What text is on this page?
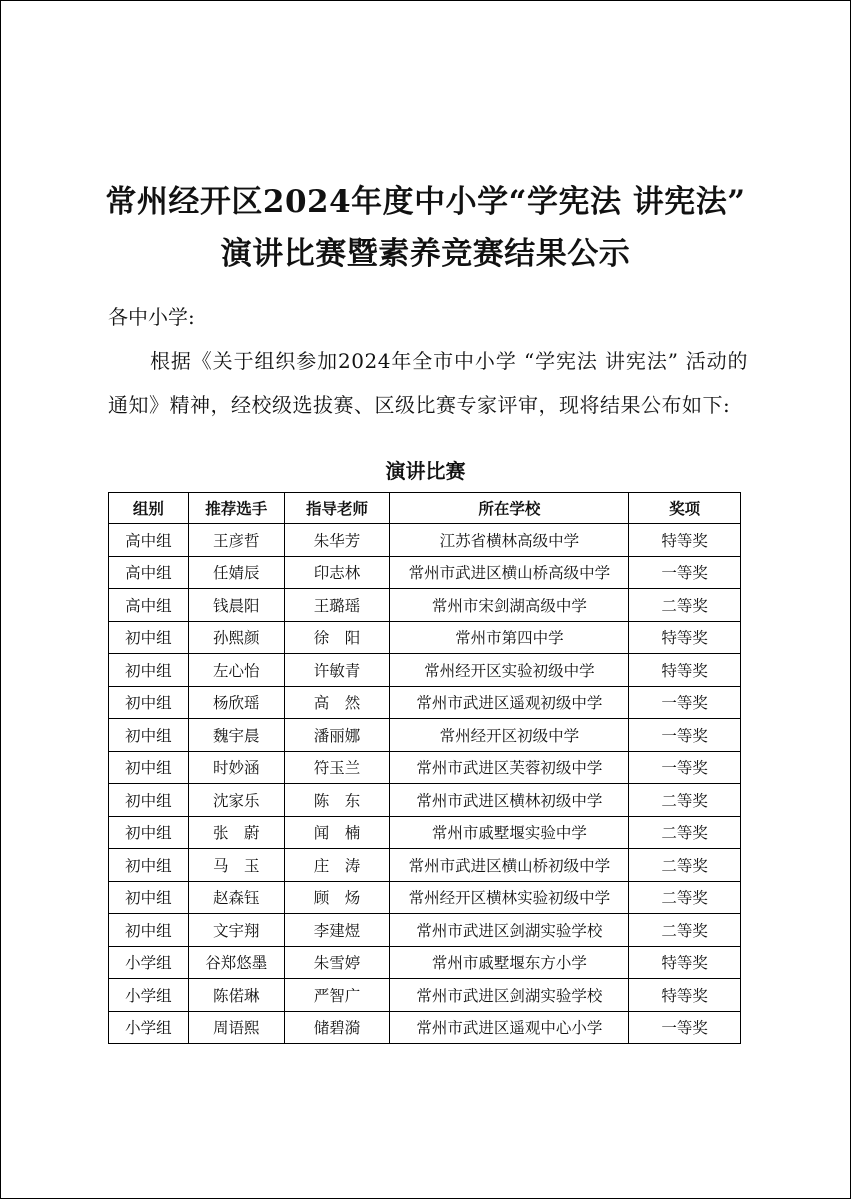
常州经开区2024年度中小学“学宪法 讲宪法”
演讲比赛暨素养竞赛结果公示
各中小学:
根据《关于组织参加2024年全市中小学 “学宪法 讲宪法” 活动的通知》精神，经校级选拔赛、区级比赛专家评审，现将结果公布如下:
演讲比赛
组别	推荐选手	指导老师	所在学校	奖项
高中组	王彦哲	朱华芳	江苏省横林高级中学	特等奖
高中组	任婧辰	印志林	常州市武进区横山桥高级中学	一等奖
高中组	钱晨阳	王璐瑶	常州市宋剑湖高级中学	二等奖
初中组	孙熙颜	徐　阳	常州市第四中学	特等奖
初中组	左心怡	许敏青	常州经开区实验初级中学	特等奖
初中组	杨欣瑶	高　然	常州市武进区遥观初级中学	一等奖
初中组	魏宇晨	潘丽娜	常州经开区初级中学	一等奖
初中组	时妙涵	符玉兰	常州市武进区芙蓉初级中学	一等奖
初中组	沈家乐	陈　东	常州市武进区横林初级中学	二等奖
初中组	张　蔚	闻　楠	常州市戚墅堰实验中学	二等奖
初中组	马　玉	庄　涛	常州市武进区横山桥初级中学	二等奖
初中组	赵森钰	顾　炀	常州经开区横林实验初级中学	二等奖
初中组	文宇翔	李建煜	常州市武进区剑湖实验学校	二等奖
小学组	谷郑悠墨	朱雪婷	常州市戚墅堰东方小学	特等奖
小学组	陈偌琳	严智广	常州市武进区剑湖实验学校	特等奖
小学组	周语熙	储碧漪	常州市武进区遥观中心小学	一等奖
